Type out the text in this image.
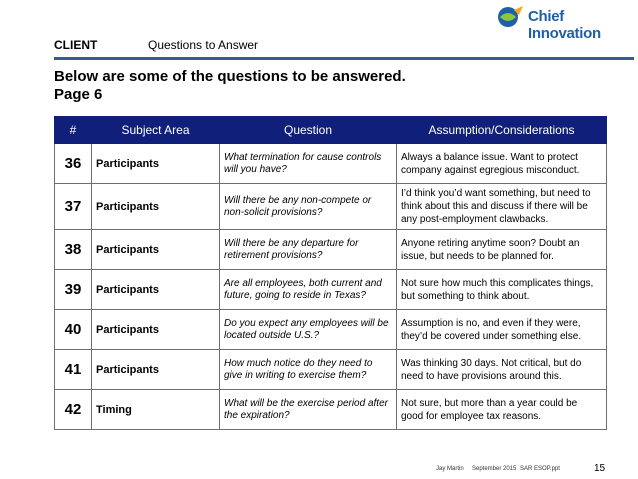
CLIENT	Questions to Answer
Chief Innovation
Below are some of the questions to be answered.
Page 6
#	Subject Area	Question	Assumption/Considerations
36	Participants	What termination for cause controls will you have?	Always a balance issue. Want to protect company against egregious misconduct.
37	Participants	Will there be any non-compete or non-solicit provisions?	I’d think you’d want something, but need to think about this and discuss if there will be any post-employment clawbacks.
38	Participants	Will there be any departure for retirement provisions?	Anyone retiring anytime soon? Doubt an issue, but needs to be planned for.
39	Participants	Are all employees, both current and future, going to reside in Texas?	Not sure how much this complicates things, but something to think about.
40	Participants	Do you expect any employees will be located outside U.S.?	Assumption is no, and even if they were, they’d be covered under something else.
41	Participants	How much notice do they need to give in writing to exercise them?	Was thinking 30 days. Not critical, but do need to have provisions around this.
42	Timing	What will be the exercise period after the expiration?	Not sure, but more than a year could be good for employee tax reasons.
Jay Martin September 2015 SAR ESOP.ppt	15
